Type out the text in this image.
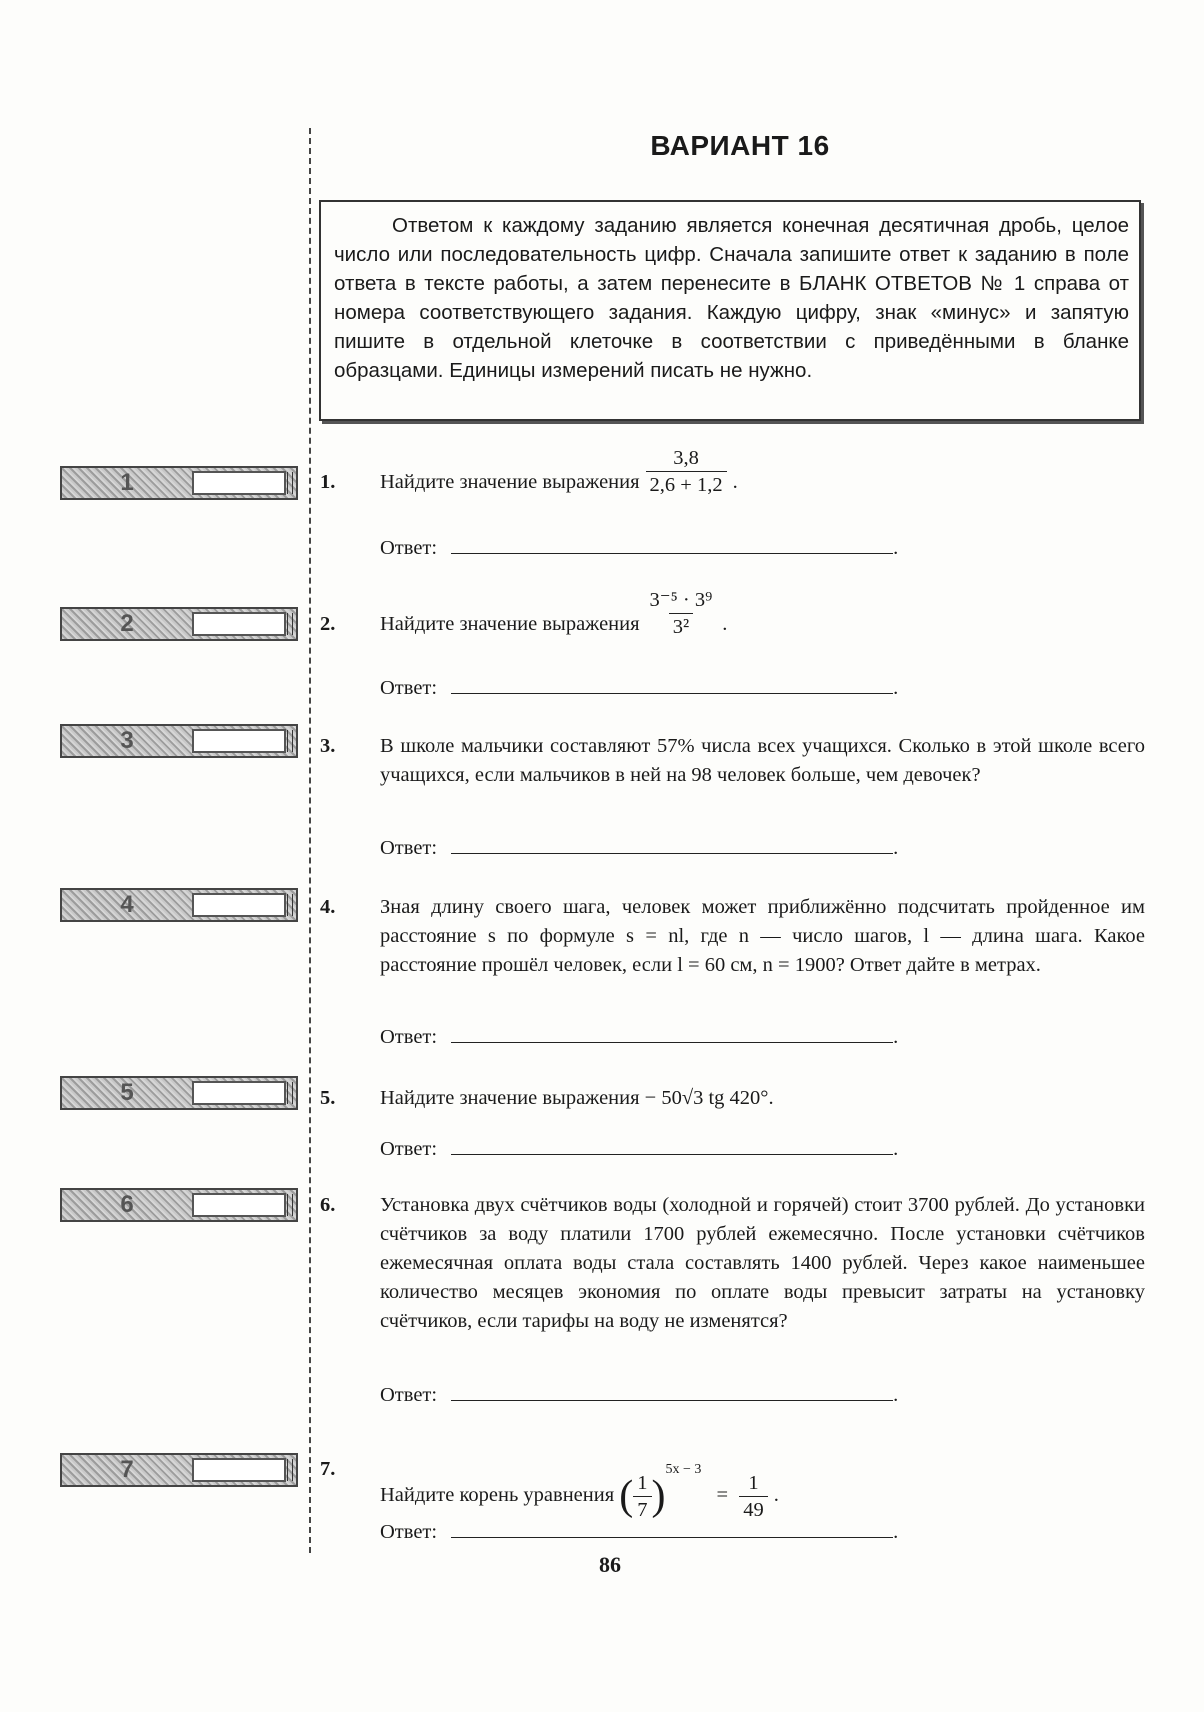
ВАРИАНТ 16
Ответом к каждому заданию является конечная десятичная дробь, целое число или последовательность цифр. Сначала запишите ответ к заданию в поле ответа в тексте работы, а затем перенесите в БЛАНК ОТВЕТОВ № 1 справа от номера соответствующего задания. Каждую цифру, знак «минус» и запятую пишите в отдельной клеточке в соответствии с приведёнными в бланке образцами. Единицы измерений писать не нужно.
1	1. Найдите значение выражения $\frac{3,8}{2,6 + 1,2}$ .
Ответ:	.
2	2. Найдите значение выражения $\frac{\text{3⁻⁵ · 3⁹}}{\text{3²}}$ .
Ответ:	.
3	3. В школе мальчики составляют 57% числа всех учащихся. Сколько в этой школе всего учащихся, если мальчиков в ней на 98 человек больше, чем девочек?
Ответ:	.
4	4. Зная длину своего шага, человек может приближённо подсчитать пройденное им расстояние s по формуле s = nl, где n — число шагов, l — длина шага. Какое расстояние прошёл человек, если l = 60 см, n = 1900? Ответ дайте в метрах.
Ответ:	.
5	5. Найдите значение выражения − 50√3 tg 420°.
Ответ:	.
6	6. Установка двух счётчиков воды (холодной и горячей) стоит 3700 рублей. До установки счётчиков за воду платили 1700 рублей ежемесячно. После установки счётчиков ежемесячная оплата воды стала составлять 1400 рублей. Через какое наименьшее количество месяцев экономия по оплате воды превысит затраты на установку счётчиков, если тарифы на воду не изменятся?
Ответ:	.
7	7.
Найдите корень уравнения ( $\frac{1}{7} )^{5x - 3} = \frac{1}{49}$ .
Ответ:	.
86
